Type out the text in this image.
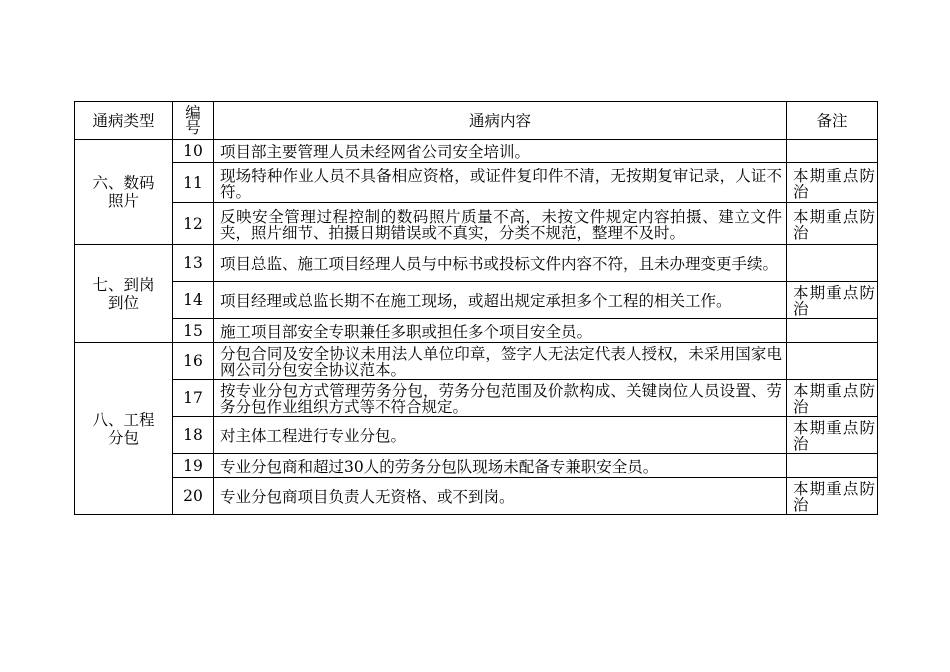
通病类型	编号	通病内容	备注
六、数码照片	10	项目部主要管理人员未经网省公司安全培训。	
	11	现场特种作业人员不具备相应资格，或证件复印件不清，无按期复审记录，人证不符。	本期重点防治
	12	反映安全管理过程控制的数码照片质量不高，未按文件规定内容拍摄、建立文件夹，照片细节、拍摄日期错误或不真实，分类不规范，整理不及时。	本期重点防治
七、到岗到位	13	项目总监、施工项目经理人员与中标书或投标文件内容不符，且未办理变更手续。	
	14	项目经理或总监长期不在施工现场，或超出规定承担多个工程的相关工作。	本期重点防治
	15	施工项目部安全专职兼任多职或担任多个项目安全员。	
八、工程分包	16	分包合同及安全协议未用法人单位印章，签字人无法定代表人授权，未采用国家电网公司分包安全协议范本。	
	17	按专业分包方式管理劳务分包，劳务分包范围及价款构成、关键岗位人员设置、劳务分包作业组织方式等不符合规定。	本期重点防治
	18	对主体工程进行专业分包。	本期重点防治
	19	专业分包商和超过30人的劳务分包队现场未配备专兼职安全员。	
	20	专业分包商项目负责人无资格、或不到岗。	本期重点防治
